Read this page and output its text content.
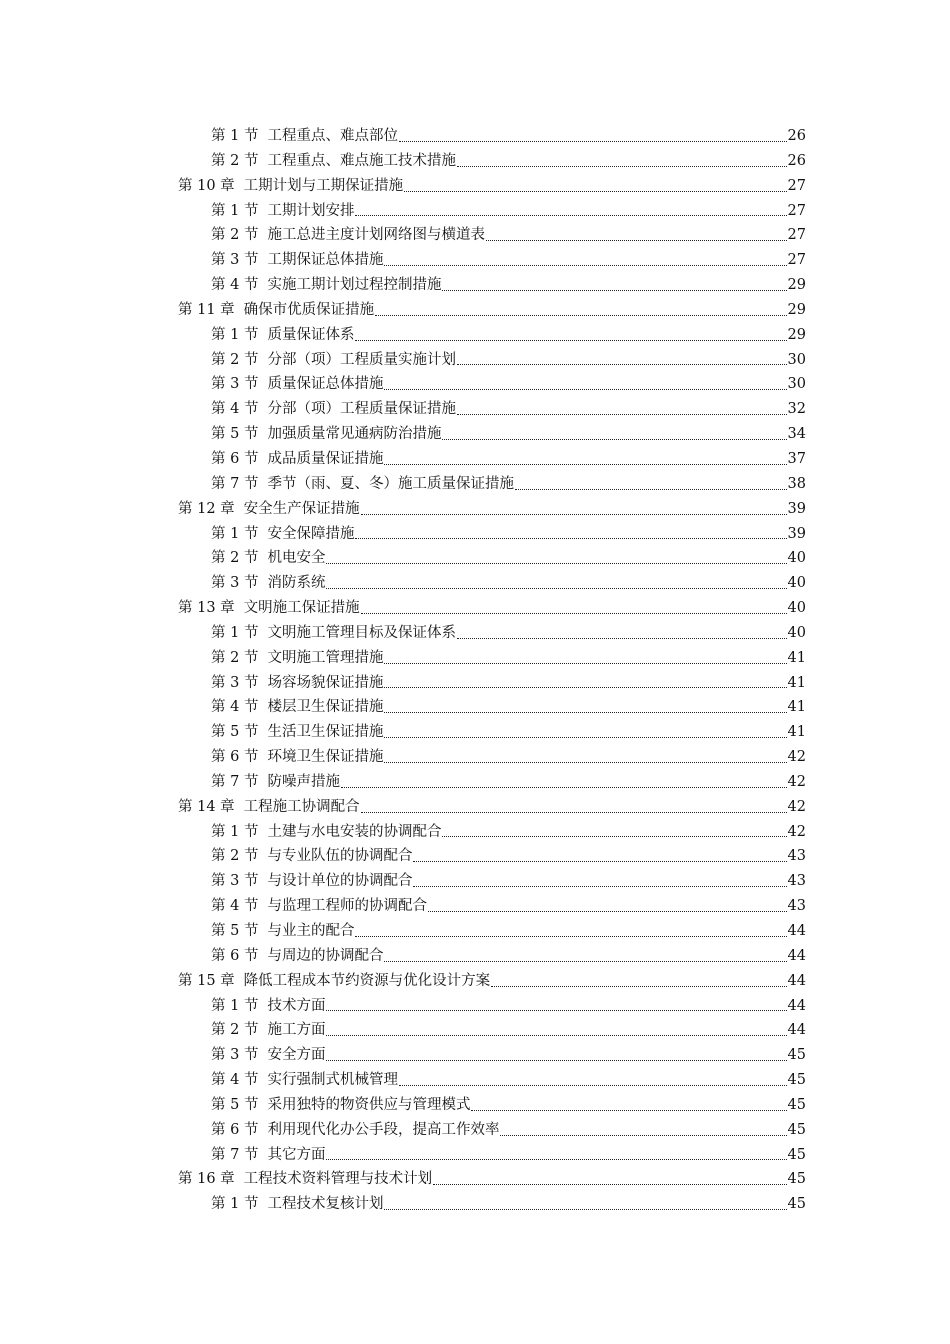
第 1 节 工程重点、难点部位	26
第 2 节 工程重点、难点施工技术措施	26
第 10 章 工期计划与工期保证措施	27
第 1 节 工期计划安排	27
第 2 节 施工总进主度计划网络图与横道表	27
第 3 节 工期保证总体措施	27
第 4 节 实施工期计划过程控制措施	29
第 11 章 确保市优质保证措施	29
第 1 节 质量保证体系	29
第 2 节 分部（项）工程质量实施计划	30
第 3 节 质量保证总体措施	30
第 4 节 分部（项）工程质量保证措施	32
第 5 节 加强质量常见通病防治措施	34
第 6 节 成品质量保证措施	37
第 7 节 季节（雨、夏、冬）施工质量保证措施	38
第 12 章 安全生产保证措施	39
第 1 节 安全保障措施	39
第 2 节 机电安全	40
第 3 节 消防系统	40
第 13 章 文明施工保证措施	40
第 1 节 文明施工管理目标及保证体系	40
第 2 节 文明施工管理措施	41
第 3 节 场容场貌保证措施	41
第 4 节 楼层卫生保证措施	41
第 5 节 生活卫生保证措施	41
第 6 节 环境卫生保证措施	42
第 7 节 防噪声措施	42
第 14 章 工程施工协调配合	42
第 1 节 土建与水电安装的协调配合	42
第 2 节 与专业队伍的协调配合	43
第 3 节 与设计单位的协调配合	43
第 4 节 与监理工程师的协调配合	43
第 5 节 与业主的配合	44
第 6 节 与周边的协调配合	44
第 15 章 降低工程成本节约资源与优化设计方案	44
第 1 节 技术方面	44
第 2 节 施工方面	44
第 3 节 安全方面	45
第 4 节 实行强制式机械管理	45
第 5 节 采用独特的物资供应与管理模式	45
第 6 节 利用现代化办公手段，提高工作效率	45
第 7 节 其它方面	45
第 16 章 工程技术资料管理与技术计划	45
第 1 节 工程技术复核计划	45
